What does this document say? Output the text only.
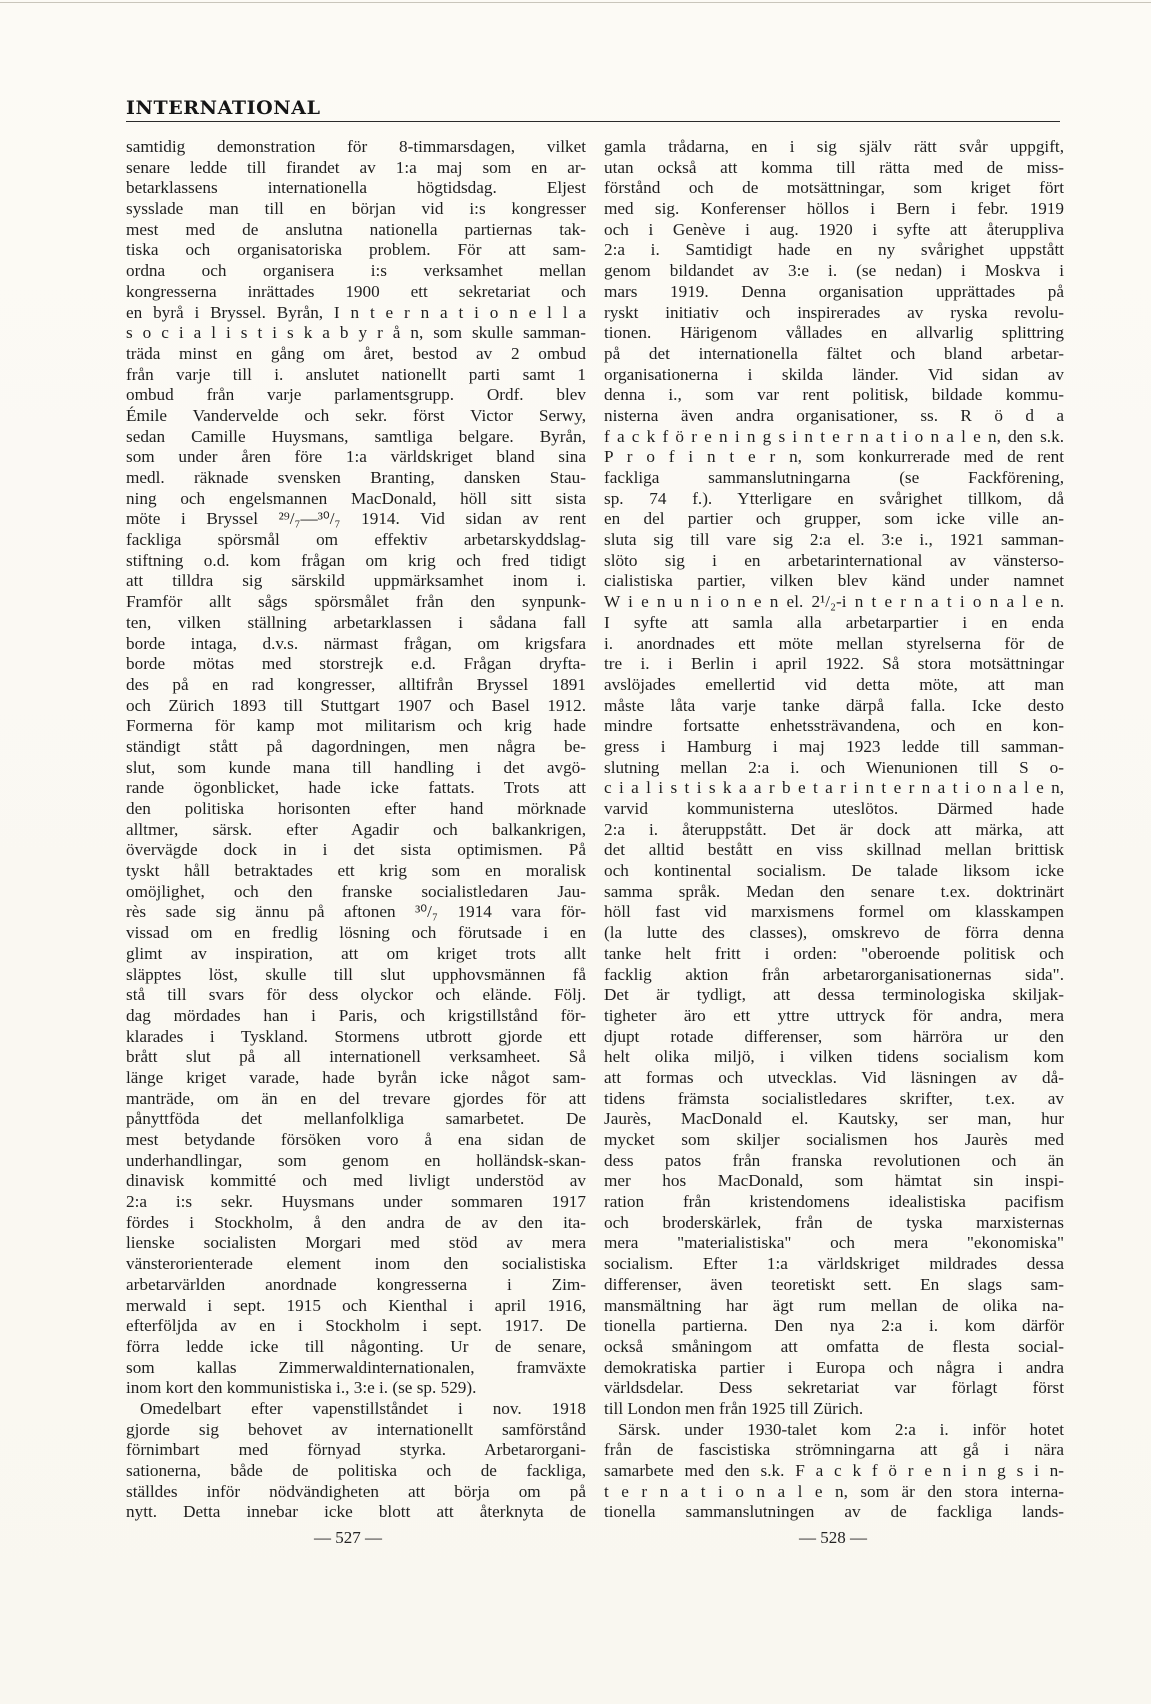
INTERNATIONAL
samtidig demonstration för 8-timmarsdagen, vilket
senare ledde till firandet av 1:a maj som en ar-
betarklassens internationella högtidsdag. Eljest
sysslade man till en början vid i:s kongresser
mest med de anslutna nationella partiernas tak-
tiska och organisatoriska problem. För att sam-
ordna och organisera i:s verksamhet mellan
kongresserna inrättades 1900 ett sekretariat och
en byrå i Bryssel. Byrån, I n t e r n a t i o n e l l a
s o c i a l i s t i s k a b y r å n, som skulle samman-
träda minst en gång om året, bestod av 2 ombud
från varje till i. anslutet nationellt parti samt 1
ombud från varje parlamentsgrupp. Ordf. blev
Émile Vandervelde och sekr. först Victor Serwy,
sedan Camille Huysmans, samtliga belgare. Byrån,
som under åren före 1:a världskriget bland sina
medl. räknade svensken Branting, dansken Stau-
ning och engelsmannen MacDonald, höll sitt sista
möte i Bryssel ²⁹/₇—³⁰/₇ 1914. Vid sidan av rent
fackliga spörsmål om effektiv arbetarskyddslag-
stiftning o.d. kom frågan om krig och fred tidigt
att tilldra sig särskild uppmärksamhet inom i.
Framför allt sågs spörsmålet från den synpunk-
ten, vilken ställning arbetarklassen i sådana fall
borde intaga, d.v.s. närmast frågan, om krigsfara
borde mötas med storstrejk e.d. Frågan dryfta-
des på en rad kongresser, alltifrån Bryssel 1891
och Zürich 1893 till Stuttgart 1907 och Basel 1912.
Formerna för kamp mot militarism och krig hade
ständigt stått på dagordningen, men några be-
slut, som kunde mana till handling i det avgö-
rande ögonblicket, hade icke fattats. Trots att
den politiska horisonten efter hand mörknade
alltmer, särsk. efter Agadir och balkankrigen,
övervägde dock in i det sista optimismen. På
tyskt håll betraktades ett krig som en moralisk
omöjlighet, och den franske socialistledaren Jau-
rès sade sig ännu på aftonen ³⁰/₇ 1914 vara för-
vissad om en fredlig lösning och förutsade i en
glimt av inspiration, att om kriget trots allt
släpptes löst, skulle till slut upphovsmännen få
stå till svars för dess olyckor och elände. Följ.
dag mördades han i Paris, och krigstillstånd för-
klarades i Tyskland. Stormens utbrott gjorde ett
brått slut på all internationell verksamheet. Så
länge kriget varade, hade byrån icke något sam-
manträde, om än en del trevare gjordes för att
pånyttföda det mellanfolkliga samarbetet. De
mest betydande försöken voro å ena sidan de
underhandlingar, som genom en holländsk-skan-
dinavisk kommitté och med livligt understöd av
2:a i:s sekr. Huysmans under sommaren 1917
fördes i Stockholm, å den andra de av den ita-
lienske socialisten Morgari med stöd av mera
vänsterorienterade element inom den socialistiska
arbetarvärlden anordnade kongresserna i Zim-
merwald i sept. 1915 och Kienthal i april 1916,
efterföljda av en i Stockholm i sept. 1917. De
förra ledde icke till någonting. Ur de senare,
som kallas Zimmerwaldinternationalen, framväxte
inom kort den kommunistiska i., 3:e i. (se sp. 529).
Omedelbart efter vapenstillståndet i nov. 1918
gjorde sig behovet av internationellt samförstånd
förnimbart med förnyad styrka. Arbetarorgani-
sationerna, både de politiska och de fackliga,
ställdes inför nödvändigheten att börja om på
nytt. Detta innebar icke blott att återknyta de
gamla trådarna, en i sig själv rätt svår uppgift,
utan också att komma till rätta med de miss-
förstånd och de motsättningar, som kriget fört
med sig. Konferenser höllos i Bern i febr. 1919
och i Genève i aug. 1920 i syfte att återuppliva
2:a i. Samtidigt hade en ny svårighet uppstått
genom bildandet av 3:e i. (se nedan) i Moskva i
mars 1919. Denna organisation upprättades på
ryskt initiativ och inspirerades av ryska revolu-
tionen. Härigenom vållades en allvarlig splittring
på det internationella fältet och bland arbetar-
organisationerna i skilda länder. Vid sidan av
denna i., som var rent politisk, bildade kommu-
nisterna även andra organisationer, ss. R ö d a
f a c k f ö r e n i n g s i n t e r n a t i o n a l e n, den s.k.
P r o f i n t e r n, som konkurrerade med de rent
fackliga sammanslutningarna (se Fackförening,
sp. 74 f.). Ytterligare en svårighet tillkom, då
en del partier och grupper, som icke ville an-
sluta sig till vare sig 2:a el. 3:e i., 1921 samman-
slöto sig i en arbetarinternational av vänsterso-
cialistiska partier, vilken blev känd under namnet
W i e n u n i o n e n el. 2¹/₂-i n t e r n a t i o n a l e n.
I syfte att samla alla arbetarpartier i en enda
i. anordnades ett möte mellan styrelserna för de
tre i. i Berlin i april 1922. Så stora motsättningar
avslöjades emellertid vid detta möte, att man
måste låta varje tanke därpå falla. Icke desto
mindre fortsatte enhetssträvandena, och en kon-
gress i Hamburg i maj 1923 ledde till samman-
slutning mellan 2:a i. och Wienunionen till S o-
c i a l i s t i s k a a r b e t a r i n t e r n a t i o n a l e n,
varvid kommunisterna uteslötos. Därmed hade
2:a i. återuppstått. Det är dock att märka, att
det alltid bestått en viss skillnad mellan brittisk
och kontinental socialism. De talade liksom icke
samma språk. Medan den senare t.ex. doktrinärt
höll fast vid marxismens formel om klasskampen
(la lutte des classes), omskrevo de förra denna
tanke helt fritt i orden: "oberoende politisk och
facklig aktion från arbetarorganisationernas sida".
Det är tydligt, att dessa terminologiska skiljak-
tigheter äro ett yttre uttryck för andra, mera
djupt rotade differenser, som härröra ur den
helt olika miljö, i vilken tidens socialism kom
att formas och utvecklas. Vid läsningen av då-
tidens främsta socialistledares skrifter, t.ex. av
Jaurès, MacDonald el. Kautsky, ser man, hur
mycket som skiljer socialismen hos Jaurès med
dess patos från franska revolutionen och än
mer hos MacDonald, som hämtat sin inspi-
ration från kristendomens idealistiska pacifism
och broderskärlek, från de tyska marxisternas
mera "materialistiska" och mera "ekonomiska"
socialism. Efter 1:a världskriget mildrades dessa
differenser, även teoretiskt sett. En slags sam-
mansmältning har ägt rum mellan de olika na-
tionella partierna. Den nya 2:a i. kom därför
också småningom att omfatta de flesta social-
demokratiska partier i Europa och några i andra
världsdelar. Dess sekretariat var förlagt först
till London men från 1925 till Zürich.
Särsk. under 1930-talet kom 2:a i. inför hotet
från de fascistiska strömningarna att gå i nära
samarbete med den s.k. F a c k f ö r e n i n g s i n-
t e r n a t i o n a l e n, som är den stora interna-
tionella sammanslutningen av de fackliga lands-
— 527 —	— 528 —
